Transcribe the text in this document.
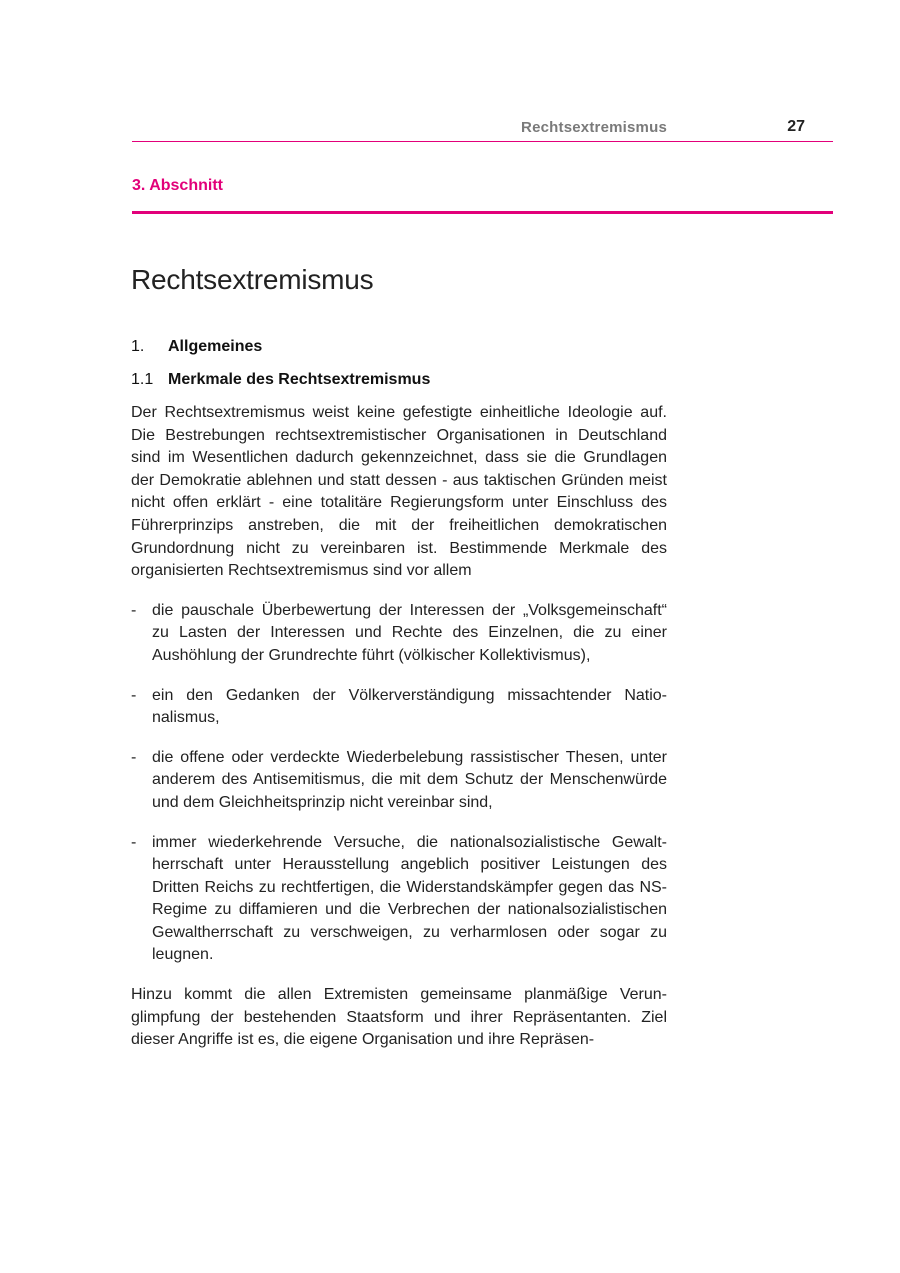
Rechtsextremismus	27
3. Abschnitt
Rechtsextremismus
1. Allgemeines
1.1 Merkmale des Rechtsextremismus

Der Rechtsextremismus weist keine gefestigte einheitliche Ideologie auf. Die Bestrebungen rechtsextremistischer Organisationen in Deutschland sind im Wesentlichen dadurch gekennzeichnet, dass sie die Grundlagen der Demokratie ablehnen und statt dessen - aus taktischen Gründen meist nicht offen erklärt - eine totalitäre Regierungsform unter Einschluss des Führerprinzips anstreben, die mit der freiheitlichen demokratischen Grundordnung nicht zu vereinbaren ist. Bestimmende Merkmale des organisierten Rechtsextremismus sind vor allem

- die pauschale Überbewertung der Interessen der „Volksgemeinschaft“ zu Lasten der Interessen und Rechte des Einzelnen, die zu einer Aushöhlung der Grundrechte führt (völkischer Kollektivismus),
- ein den Gedanken der Völkerverständigung missachtender Nationalismus,
- die offene oder verdeckte Wiederbelebung rassistischer Thesen, unter anderem des Antisemitismus, die mit dem Schutz der Menschenwürde und dem Gleichheitsprinzip nicht vereinbar sind,
- immer wiederkehrende Versuche, die nationalsozialistische Gewaltherrschaft unter Herausstellung angeblich positiver Leistungen des Dritten Reichs zu rechtfertigen, die Widerstandskämpfer gegen das NS-Regime zu diffamieren und die Verbrechen der nationalsozialistischen Gewaltherrschaft zu verschweigen, zu verharmlosen oder sogar zu leugnen.

Hinzu kommt die allen Extremisten gemeinsame planmäßige Verunglimpfung der bestehenden Staatsform und ihrer Repräsentanten. Ziel dieser Angriffe ist es, die eigene Organisation und ihre Repräsen-
